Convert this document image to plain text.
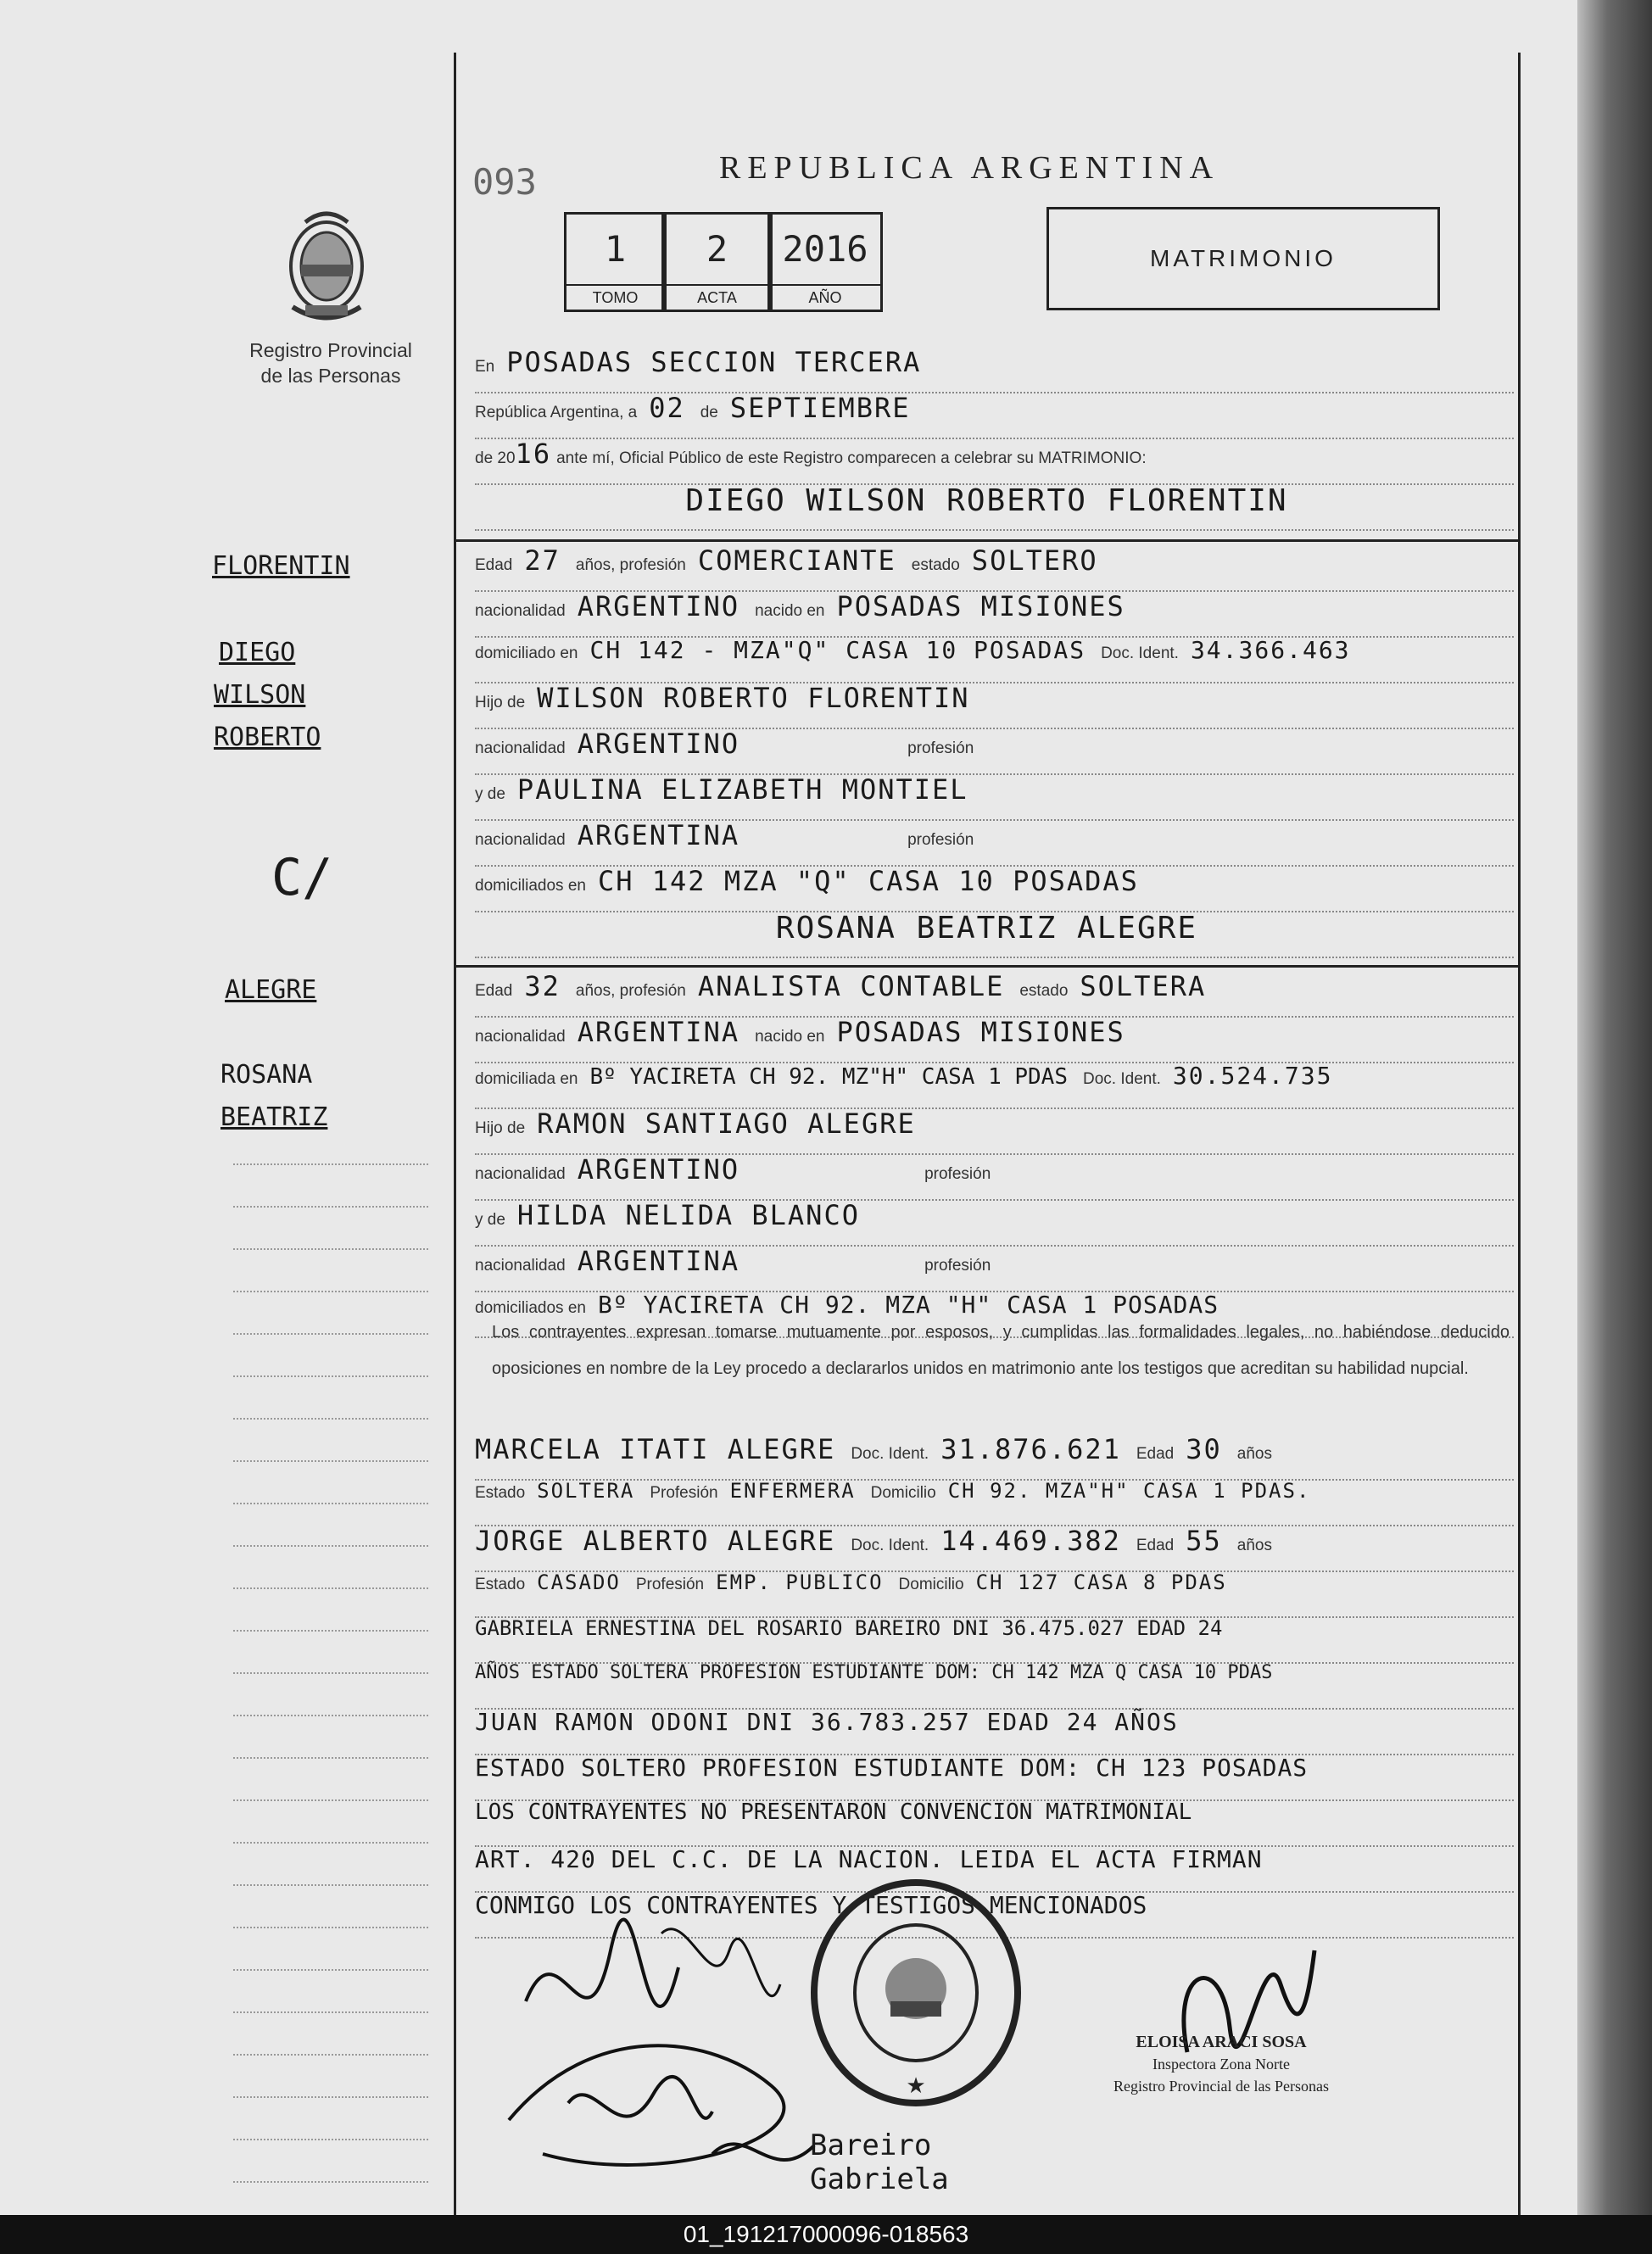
093	REPUBLICA ARGENTINA
1
TOMO
2
ACTA
2016
AÑO
MATRIMONIO
Registro Provincial
de las Personas	En POSADAS SECCION TERCERA
República Argentina, a 02 de SEPTIEMBRE
de 2016 ante mí, Oficial Público de este Registro comparecen a celebrar su MATRIMONIO:
DIEGO WILSON ROBERTO FLORENTIN
Edad 27 años, profesión COMERCIANTE estado SOLTERO
nacionalidad ARGENTINO nacido en POSADAS MISIONES
domiciliado en CH 142 - MZA"Q" CASA 10 POSADAS Doc. Ident. 34.366.463
Hijo de WILSON ROBERTO FLORENTIN
nacionalidad ARGENTINO	profesión
y de PAULINA ELIZABETH MONTIEL
nacionalidad ARGENTINA	profesión
domiciliados en CH 142 MZA "Q" CASA 10 POSADAS
ROSANA BEATRIZ ALEGRE
Edad 32 años, profesión ANALISTA CONTABLE estado SOLTERA
nacionalidad ARGENTINA nacido en POSADAS MISIONES
domiciliada en Bº YACIRETA CH 92. MZ"H" CASA 1 PDAS Doc. Ident. 30.524.735
Hijo de RAMON SANTIAGO ALEGRE
nacionalidad ARGENTINO	profesión
y de HILDA NELIDA BLANCO
nacionalidad ARGENTINA	profesión
domiciliados en Bº YACIRETA CH 92. MZA "H" CASA 1 POSADAS
Los contrayentes expresan tomarse mutuamente por esposos, y cumplidas las formalidades legales, no habiéndose deducido oposiciones en nombre de la Ley procedo a declararlos unidos en matrimonio ante los testigos que acreditan su habilidad nupcial.
MARCELA ITATI ALEGRE Doc. Ident. 31.876.621 Edad 30 años
Estado SOLTERA Profesión ENFERMERA Domicilio CH 92. MZA"H" CASA 1 PDAS.
JORGE ALBERTO ALEGRE Doc. Ident. 14.469.382 Edad 55 años
Estado CASADO Profesión EMP. PUBLICO Domicilio CH 127 CASA 8 PDAS
GABRIELA ERNESTINA DEL ROSARIO BAREIRO DNI 36.475.027 EDAD 24
AÑOS ESTADO SOLTERA PROFESION ESTUDIANTE DOM: CH 142 MZA Q CASA 10 PDAS
JUAN RAMON ODONI DNI 36.783.257 EDAD 24 AÑOS
ESTADO SOLTERO PROFESION ESTUDIANTE DOM: CH 123 POSADAS
LOS CONTRAYENTES NO PRESENTARON CONVENCION MATRIMONIAL
ART. 420 DEL C.C. DE LA NACION. LEIDA EL ACTA FIRMAN
CONMIGO LOS CONTRAYENTES Y TESTIGOS MENCIONADOS
FLORENTIN
DIEGO
WILSON
ROBERTO
C/
ALEGRE
ROSANA
BEATRIZ
★
Bareiro Gabriela
ELOISA ARACI SOSA
Inspectora Zona Norte
Registro Provincial de las Personas
01_191217000096-018563
